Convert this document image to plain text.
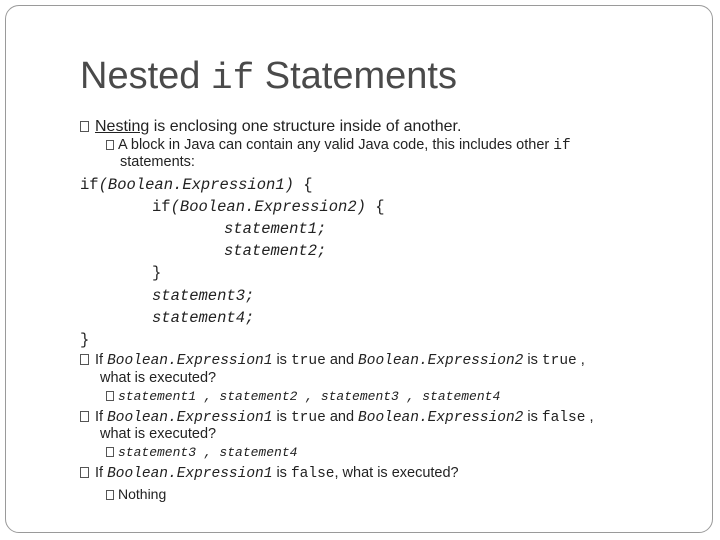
Nested if Statements
Nesting is enclosing one structure inside of another.
A block in Java can contain any valid Java code, this includes other if
statements:
if(Boolean.Expression1) {
if(Boolean.Expression2) {
statement1;
statement2;
}
statement3;
statement4;
}
If Boolean.Expression1 is true and Boolean.Expression2 is true ,
what is executed?
statement1 , statement2 , statement3 , statement4
If Boolean.Expression1 is true and Boolean.Expression2 is false ,
what is executed?
statement3 , statement4
If Boolean.Expression1 is false, what is executed?
Nothing
